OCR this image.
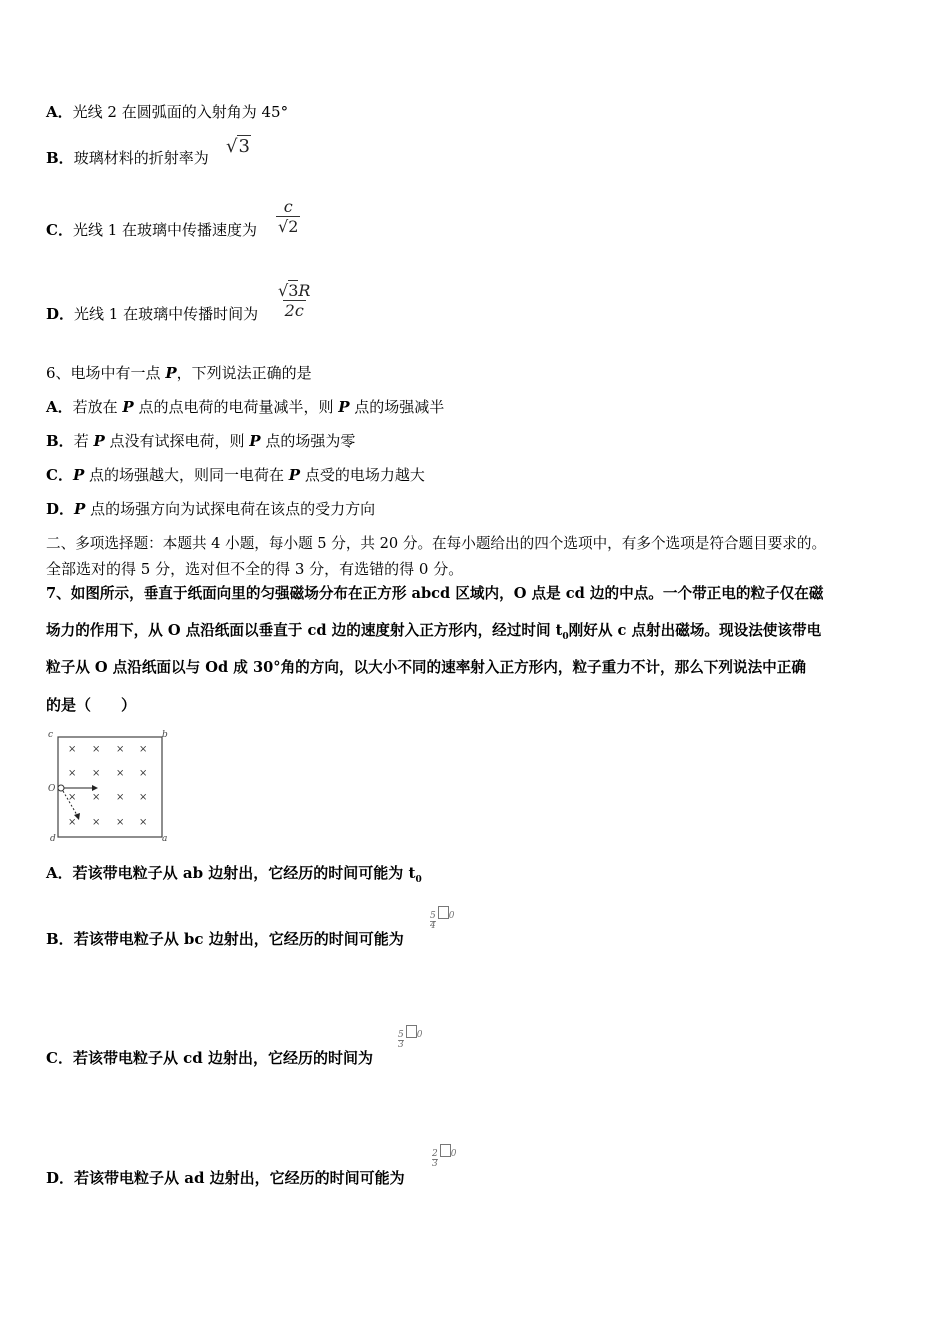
A．光线 2 在圆弧面的入射角为 45°
B．玻璃材料的折射率为
√3
C．光线 1 在玻璃中传播速度为 $\frac{c}{√2}$
D．光线 1 在玻璃中传播时间为 $\frac{√3R}{2c}$
6、电场中有一点 P，下列说法正确的是
A．若放在 P 点的点电荷的电荷量减半，则 P 点的场强减半
B．若 P 点没有试探电荷，则 P 点的场强为零
C．P 点的场强越大，则同一电荷在 P 点受的电场力越大
D．P 点的场强方向为试探电荷在该点的受力方向
二、多项选择题：本题共 4 小题，每小题 5 分，共 20 分。在每小题给出的四个选项中，有多个选项是符合题目要求的。
全部选对的得 5 分，选对但不全的得 3 分，有选错的得 0 分。
7、如图所示，垂直于纸面向里的匀强磁场分布在正方形 abcd 区域内，O 点是 cd 边的中点。一个带正电的粒子仅在磁
场力的作用下，从 O 点沿纸面以垂直于 cd 边的速度射入正方形内，经过时间 $t_0$刚好从 c 点射出磁场。现设法使该带电
粒子从 O 点沿纸面以与 Od 成 30°角的方向，以大小不同的速率射入正方形内，粒子重力不计，那么下列说法中正确
的是（　　）
c	b
O
d	a
× × × ×
× × × ×
× × ×
×
× × × ×
A．若该带电粒子从 ab 边射出，它经历的时间可能为 $t_0$
B．若该带电粒子从 bc 边射出，它经历的时间可能为
$\frac{5}{4} 0$
C．若该带电粒子从 cd 边射出，它经历的时间为
$\frac{5}{3} 0$
D．若该带电粒子从 ad 边射出，它经历的时间可能为
$\frac{2}{3} 0$
